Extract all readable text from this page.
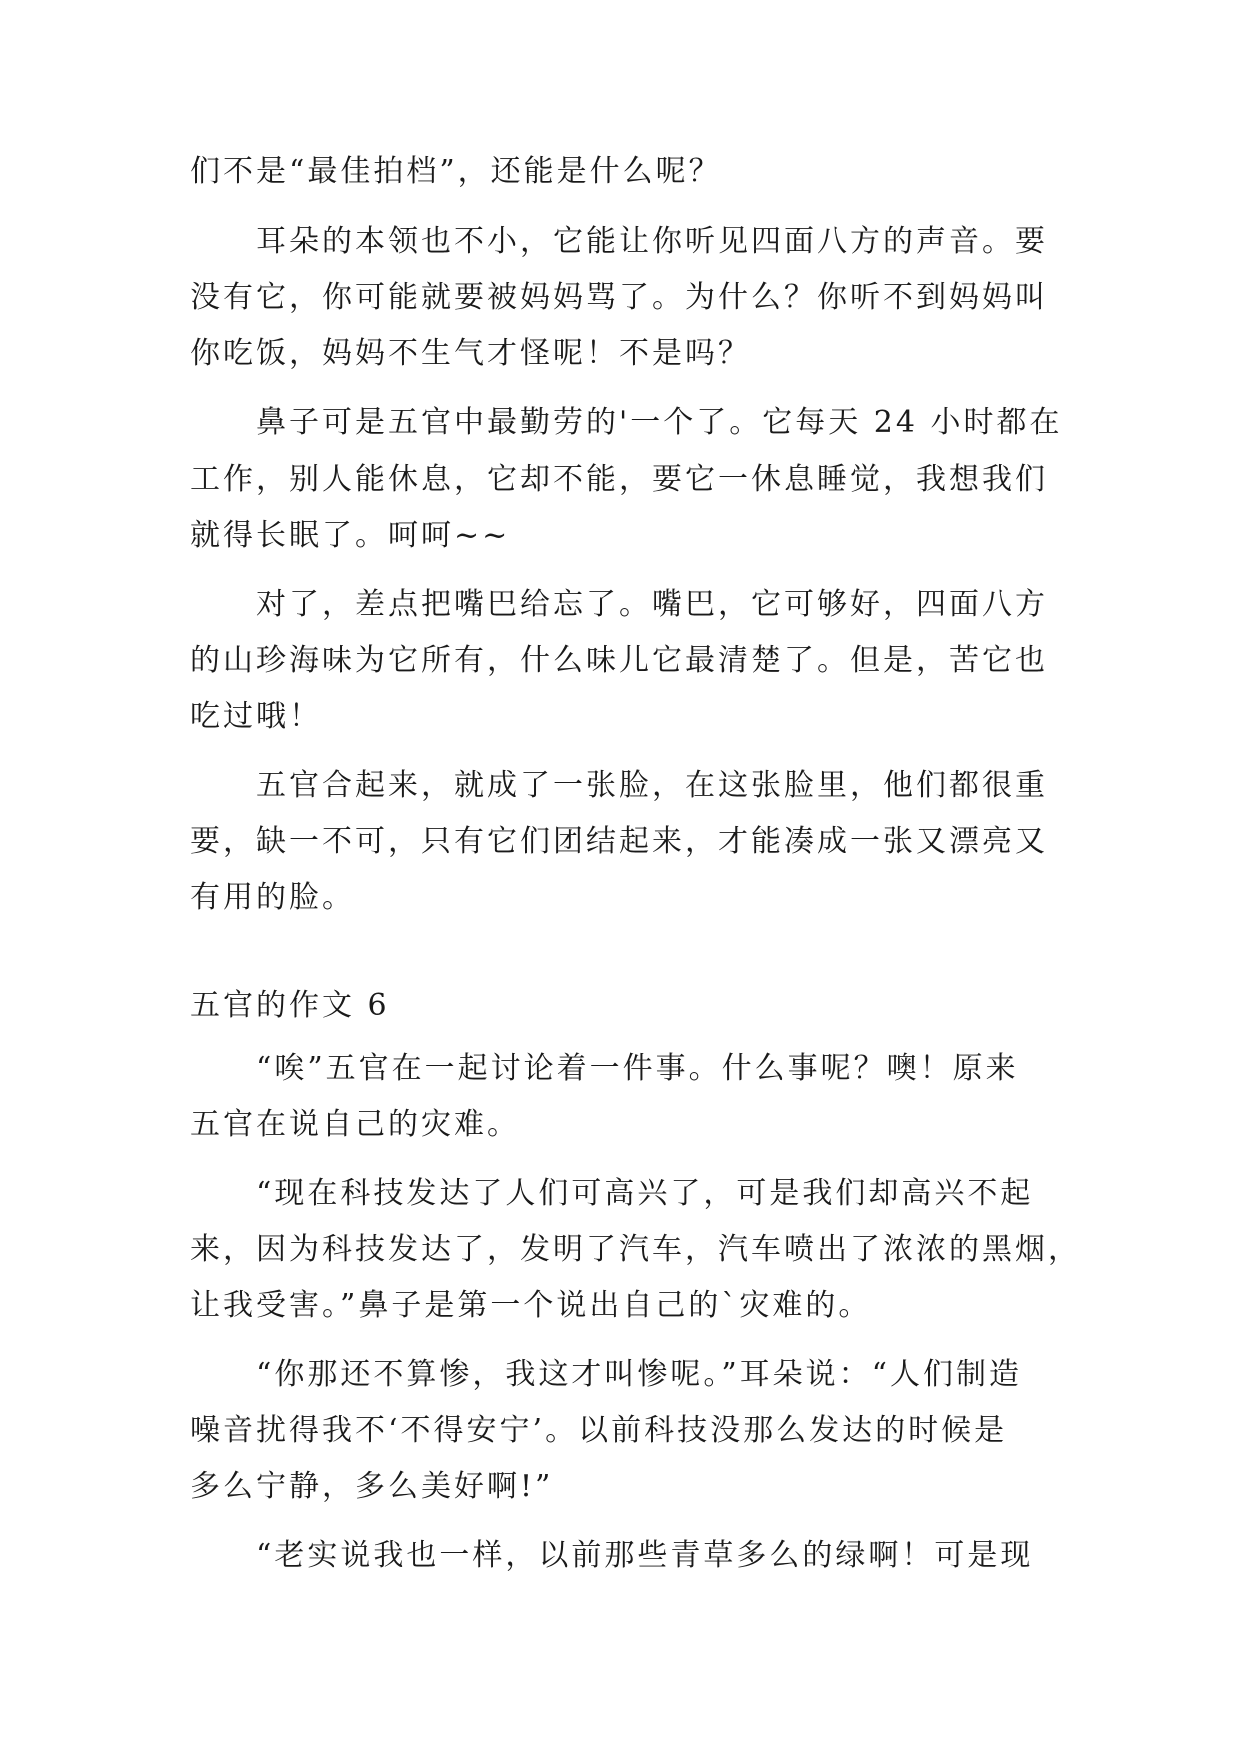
们不是“最佳拍档”，还能是什么呢？
耳朵的本领也不小，它能让你听见四面八方的声音。要
没有它，你可能就要被妈妈骂了。为什么？你听不到妈妈叫
你吃饭，妈妈不生气才怪呢！不是吗？
鼻子可是五官中最勤劳的'一个了。它每天 24 小时都在
工作，别人能休息，它却不能，要它一休息睡觉，我想我们
就得长眠了。呵呵~~
对了，差点把嘴巴给忘了。嘴巴，它可够好，四面八方
的山珍海味为它所有，什么味儿它最清楚了。但是，苦它也
吃过哦！
五官合起来，就成了一张脸，在这张脸里，他们都很重
要，缺一不可，只有它们团结起来，才能凑成一张又漂亮又
有用的脸。
五官的作文 6
“唉”五官在一起讨论着一件事。什么事呢？噢！原来
五官在说自己的灾难。
“现在科技发达了人们可高兴了，可是我们却高兴不起
来，因为科技发达了，发明了汽车，汽车喷出了浓浓的黑烟，
让我受害。”鼻子是第一个说出自己的`灾难的。
“你那还不算惨，我这才叫惨呢。”耳朵说：“人们制造
噪音扰得我不‘不得安宁’。以前科技没那么发达的时候是
多么宁静，多么美好啊!”
“老实说我也一样，以前那些青草多么的绿啊！可是现
